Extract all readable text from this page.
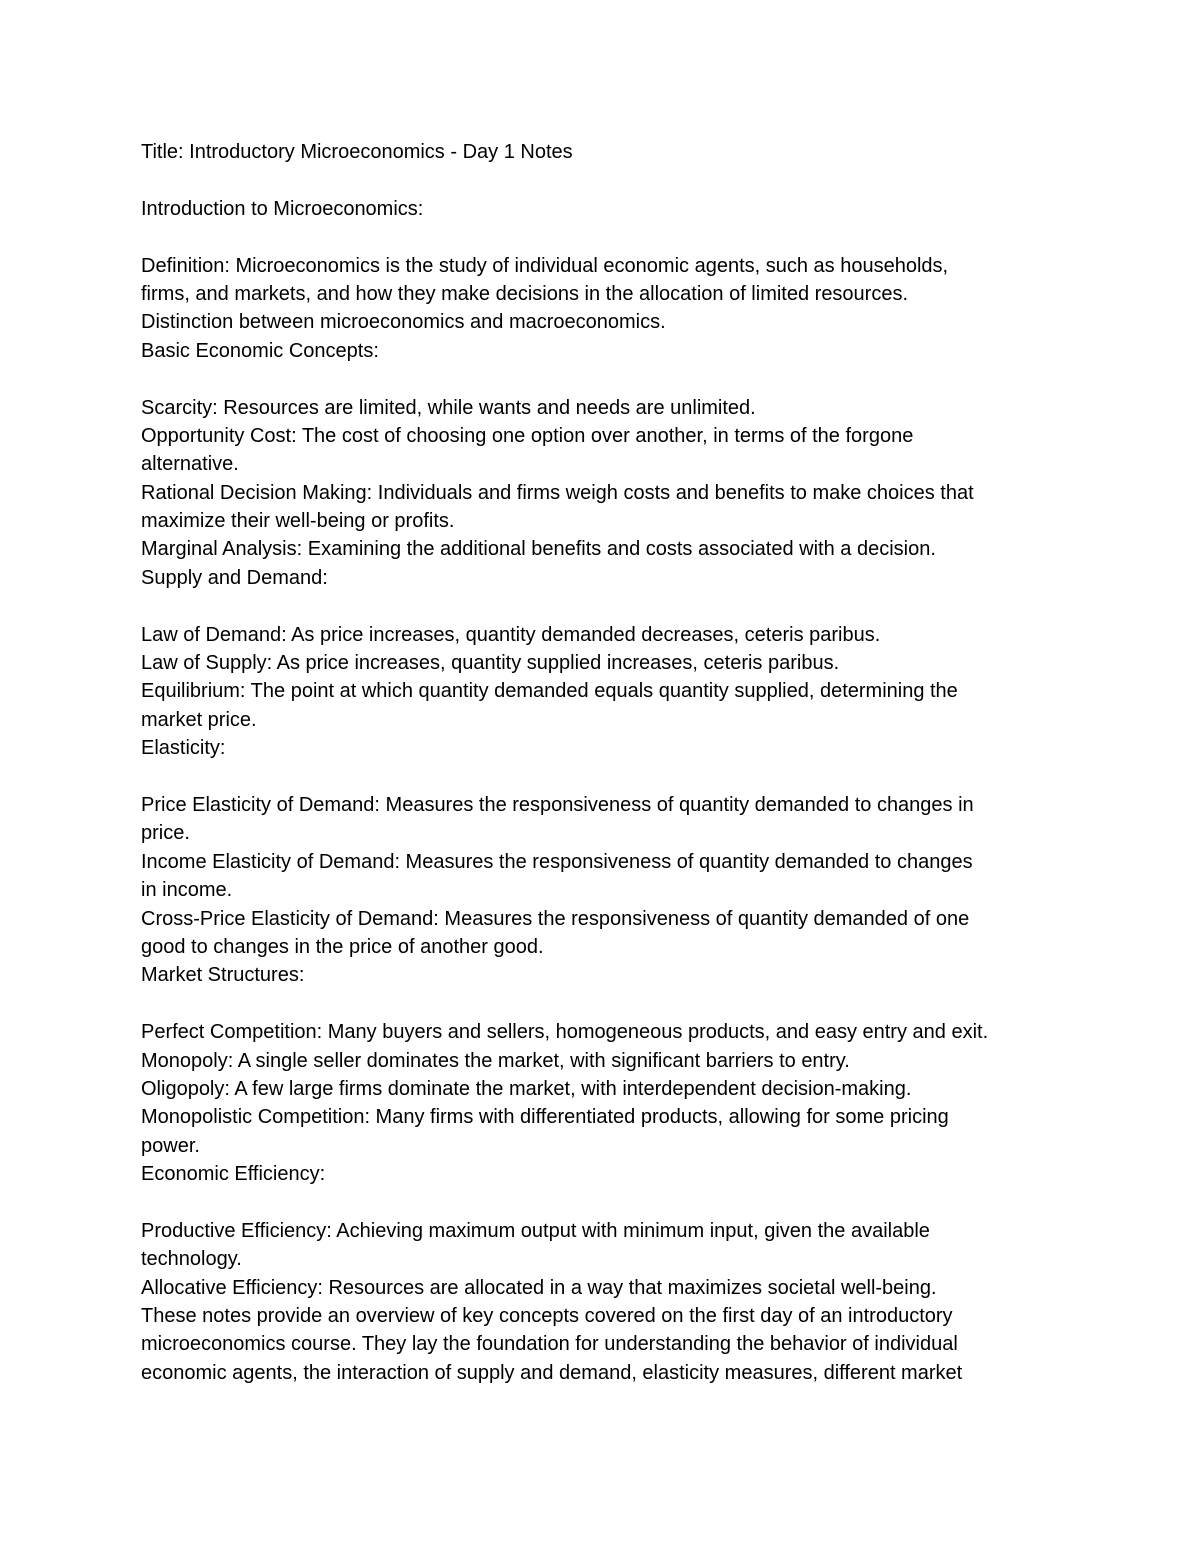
Title: Introductory Microeconomics - Day 1 Notes

Introduction to Microeconomics:

Definition: Microeconomics is the study of individual economic agents, such as households,

firms, and markets, and how they make decisions in the allocation of limited resources.

Distinction between microeconomics and macroeconomics.

Basic Economic Concepts:

Scarcity: Resources are limited, while wants and needs are unlimited.

Opportunity Cost: The cost of choosing one option over another, in terms of the forgone

alternative.

Rational Decision Making: Individuals and firms weigh costs and benefits to make choices that

maximize their well-being or profits.

Marginal Analysis: Examining the additional benefits and costs associated with a decision.

Supply and Demand:

Law of Demand: As price increases, quantity demanded decreases, ceteris paribus.

Law of Supply: As price increases, quantity supplied increases, ceteris paribus.

Equilibrium: The point at which quantity demanded equals quantity supplied, determining the

market price.

Elasticity:

Price Elasticity of Demand: Measures the responsiveness of quantity demanded to changes in

price.

Income Elasticity of Demand: Measures the responsiveness of quantity demanded to changes

in income.

Cross-Price Elasticity of Demand: Measures the responsiveness of quantity demanded of one

good to changes in the price of another good.

Market Structures:

Perfect Competition: Many buyers and sellers, homogeneous products, and easy entry and exit.

Monopoly: A single seller dominates the market, with significant barriers to entry.

Oligopoly: A few large firms dominate the market, with interdependent decision-making.

Monopolistic Competition: Many firms with differentiated products, allowing for some pricing

power.

Economic Efficiency:

Productive Efficiency: Achieving maximum output with minimum input, given the available

technology.

Allocative Efficiency: Resources are allocated in a way that maximizes societal well-being.

These notes provide an overview of key concepts covered on the first day of an introductory

microeconomics course. They lay the foundation for understanding the behavior of individual

economic agents, the interaction of supply and demand, elasticity measures, different market
